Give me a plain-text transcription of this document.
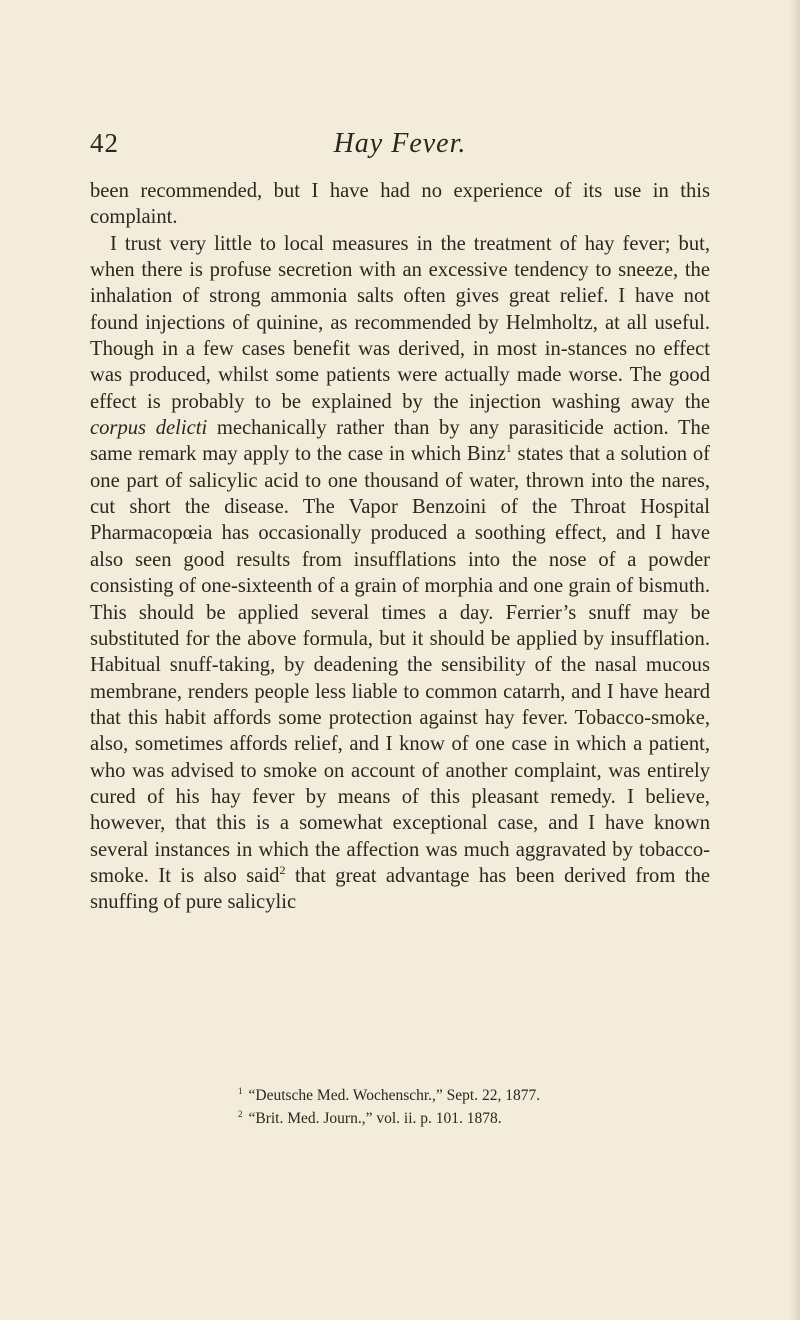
42	Hay Fever.

been recommended, but I have had no experience of its use in this complaint.

I trust very little to local measures in the treatment of hay fever; but, when there is profuse secretion with an excessive tendency to sneeze, the inhalation of strong ammonia salts often gives great relief. I have not found injections of quinine, as recommended by Helmholtz, at all useful. Though in a few cases benefit was derived, in most in-stances no effect was produced, whilst some patients were actually made worse. The good effect is probably to be explained by the injection washing away the corpus delicti mechanically rather than by any parasiticide action. The same remark may apply to the case in which Binz$^1$ states that a solution of one part of salicylic acid to one thousand of water, thrown into the nares, cut short the disease. The Vapor Benzoini of the Throat Hospital Pharmacopœia has occasionally produced a soothing effect, and I have also seen good results from insufflations into the nose of a powder consisting of one-sixteenth of a grain of morphia and one grain of bismuth. This should be applied several times a day. Ferrier’s snuff may be substituted for the above formula, but it should be applied by insufflation. Habitual snuff-taking, by deadening the sensibility of the nasal mucous membrane, renders people less liable to common catarrh, and I have heard that this habit affords some protection against hay fever. Tobacco-smoke, also, sometimes affords relief, and I know of one case in which a patient, who was advised to smoke on account of another complaint, was entirely cured of his hay fever by means of this pleasant remedy. I believe, however, that this is a somewhat exceptional case, and I have known several instances in which the affection was much aggravated by tobacco-smoke. It is also said$^2$ that great advantage has been derived from the snuffing of pure salicylic

$^1$ “Deutsche Med. Wochenschr.,” Sept. 22, 1877.
$^2$ “Brit. Med. Journ.,” vol. ii. p. 101. 1878.
